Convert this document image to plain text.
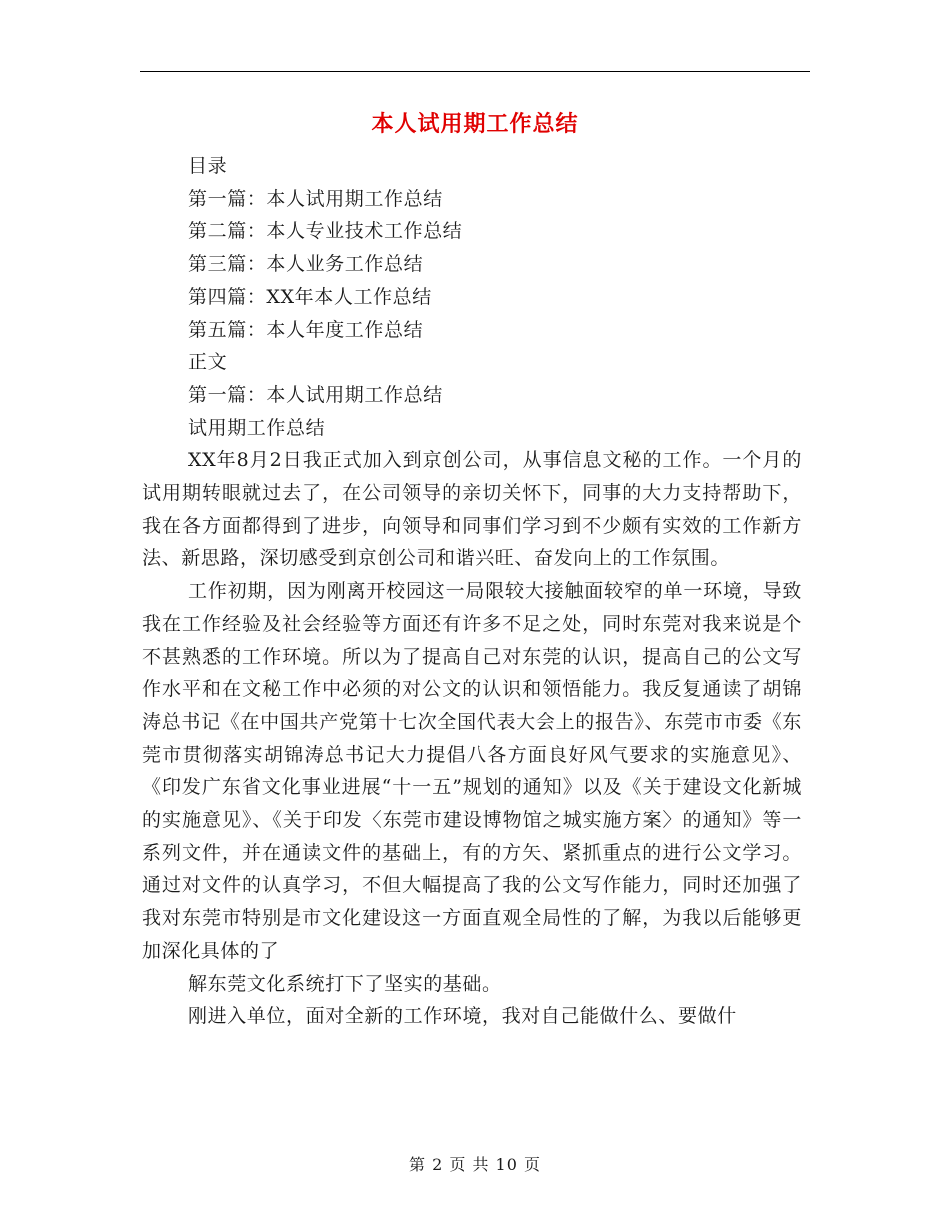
本人试用期工作总结
目录
第一篇：本人试用期工作总结
第二篇：本人专业技术工作总结
第三篇：本人业务工作总结
第四篇：XX年本人工作总结
第五篇：本人年度工作总结
正文
第一篇：本人试用期工作总结
试用期工作总结
XX年8月2日我正式加入到京创公司，从事信息文秘的工作。一个月的试用期转眼就过去了，在公司领导的亲切关怀下，同事的大力支持帮助下，我在各方面都得到了进步，向领导和同事们学习到不少颇有实效的工作新方法、新思路，深切感受到京创公司和谐兴旺、奋发向上的工作氛围。
工作初期，因为刚离开校园这一局限较大接触面较窄的单一环境，导致我在工作经验及社会经验等方面还有许多不足之处，同时东莞对我来说是个不甚熟悉的工作环境。所以为了提高自己对东莞的认识，提高自己的公文写作水平和在文秘工作中必须的对公文的认识和领悟能力。我反复通读了胡锦涛总书记《在中国共产党第十七次全国代表大会上的报告》、东莞市市委《东莞市贯彻落实胡锦涛总书记大力提倡八各方面良好风气要求的实施意见》、《印发广东省文化事业进展“十一五”规划的通知》以及《关于建设文化新城的实施意见》、《关于印发〈东莞市建设博物馆之城实施方案〉的通知》等一系列文件，并在通读文件的基础上，有的方矢、紧抓重点的进行公文学习。通过对文件的认真学习，不但大幅提高了我的公文写作能力，同时还加强了我对东莞市特别是市文化建设这一方面直观全局性的了解，为我以后能够更加深化具体的了
解东莞文化系统打下了坚实的基础。
刚进入单位，面对全新的工作环境，我对自己能做什么、要做什
第 2 页 共 10 页
